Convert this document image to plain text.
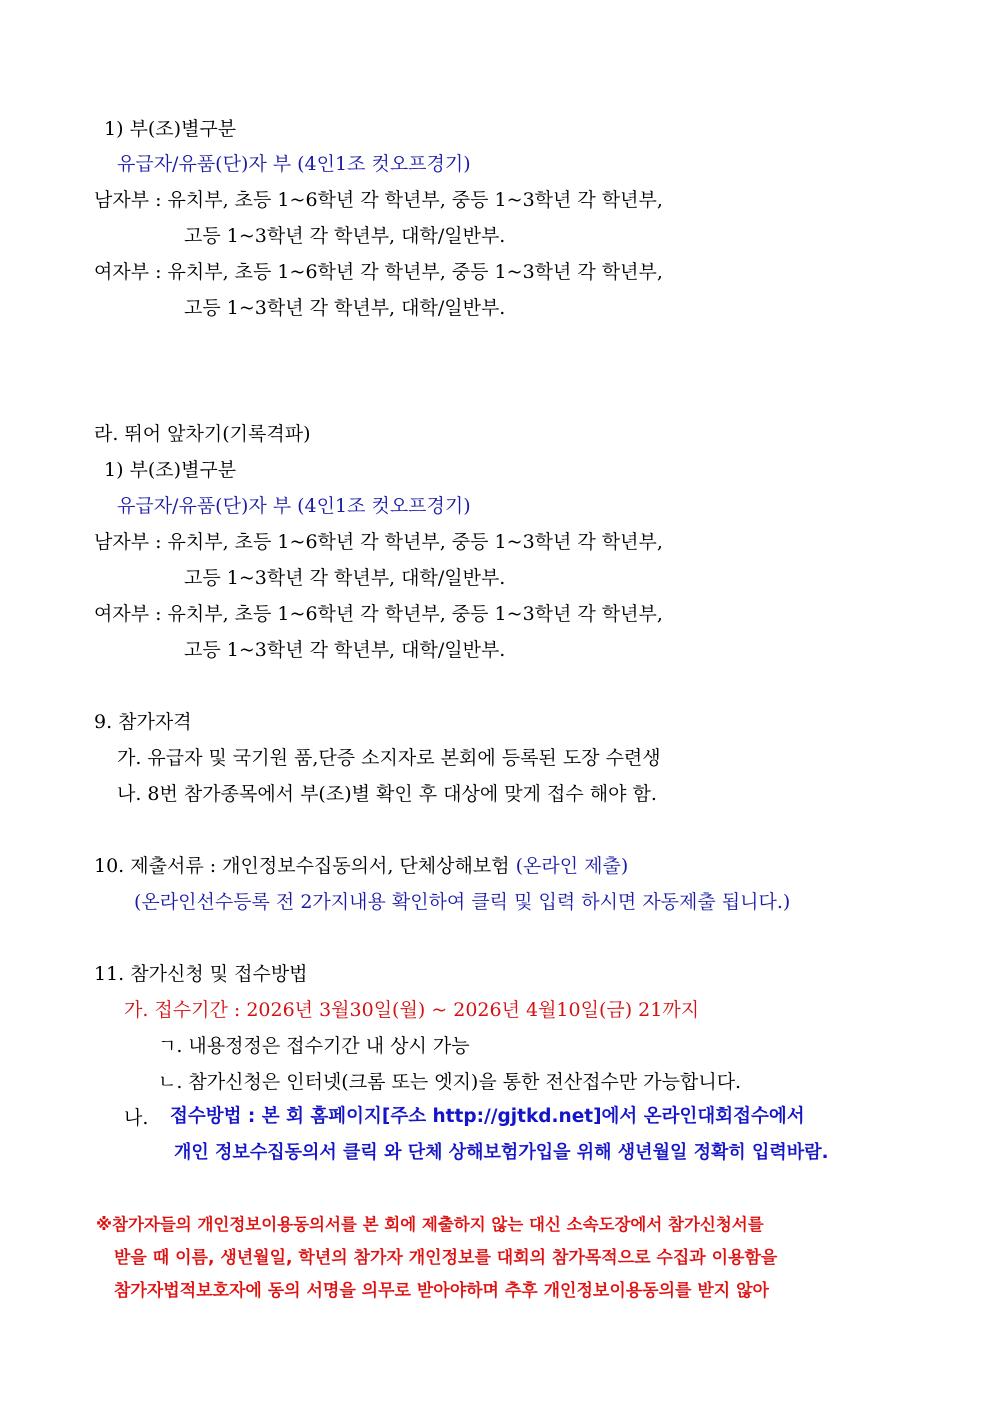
1) 부(조)별구분
유급자/유품(단)자 부 (4인1조 컷오프경기)
남자부 : 유치부, 초등 1~6학년 각 학년부, 중등 1~3학년 각 학년부,
고등 1~3학년 각 학년부, 대학/일반부.
여자부 : 유치부, 초등 1~6학년 각 학년부, 중등 1~3학년 각 학년부,
고등 1~3학년 각 학년부, 대학/일반부.
라. 뛰어 앞차기(기록격파)
1) 부(조)별구분
유급자/유품(단)자 부 (4인1조 컷오프경기)
남자부 : 유치부, 초등 1~6학년 각 학년부, 중등 1~3학년 각 학년부,
고등 1~3학년 각 학년부, 대학/일반부.
여자부 : 유치부, 초등 1~6학년 각 학년부, 중등 1~3학년 각 학년부,
고등 1~3학년 각 학년부, 대학/일반부.
9. 참가자격
가. 유급자 및 국기원 품,단증 소지자로 본회에 등록된 도장 수련생
나. 8번 참가종목에서 부(조)별 확인 후 대상에 맞게 접수 해야 함.
10. 제출서류 : 개인정보수집동의서, 단체상해보험 (온라인 제출)
(온라인선수등록 전 2가지내용 확인하여 클릭 및 입력 하시면 자동제출 됩니다.)
11. 참가신청 및 접수방법
가. 접수기간 : 2026년 3월30일(월) ~ 2026년 4월10일(금) 21까지
ㄱ. 내용정정은 접수기간 내 상시 가능
ㄴ. 참가신청은 인터넷(크롬 또는 엣지)을 통한 전산접수만 가능합니다.
나. 접수방법 : 본 회 홈페이지[주소 http://gjtkd.net]에서 온라인대회접수에서
개인 정보수집동의서 클릭 와 단체 상해보험가입을 위해 생년월일 정확히 입력바람.
※참가자들의 개인정보이용동의서를 본 회에 제출하지 않는 대신 소속도장에서 참가신청서를
받을 때 이름, 생년월일, 학년의 참가자 개인정보를 대회의 참가목적으로 수집과 이용함을
참가자법적보호자에 동의 서명을 의무로 받아야하며 추후 개인정보이용동의를 받지 않아
